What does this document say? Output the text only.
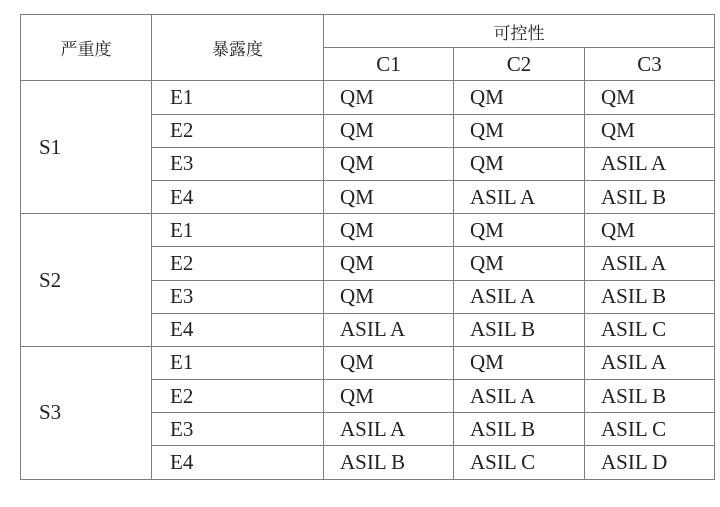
严重度	暴露度	可控性		
		C1	C2	C3
S1	E1	QM	QM	QM
	E2	QM	QM	QM
	E3	QM	QM	ASIL A
	E4	QM	ASIL A	ASIL B
S2	E1	QM	QM	QM
	E2	QM	QM	ASIL A
	E3	QM	ASIL A	ASIL B
	E4	ASIL A	ASIL B	ASIL C
S3	E1	QM	QM	ASIL A
	E2	QM	ASIL A	ASIL B
	E3	ASIL A	ASIL B	ASIL C
	E4	ASIL B	ASIL C	ASIL D
